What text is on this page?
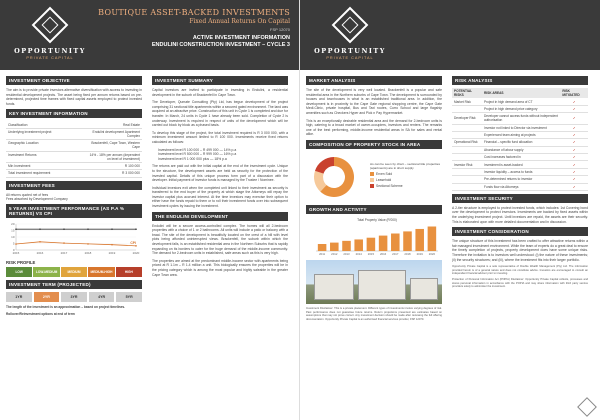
OPPORTUNITY
PRIVATE CAPITAL
BOUTIQUE ASSET-BACKED INVESTMENTS
Fixed Annual Returns On Capital
FSP 12070
ACTIVE INVESTMENT INFORMATION
ENDULINI CONSTRUCTION INVESTMENT – CYCLE 3
INVESTMENT OBJECTIVE
The aim is to provide private investors alternative diversification with access to investing in residential development projects. The asset being fixed per annum returns based on pre-determined, projected time frames with fixed capital assets employed to protect invested funds.
KEY INVESTMENT INFORMATION
Classification	Real Estate
Underlying investment project	Endulini development Apartment Complex
Geographic Location	Brackenfell, Cape Town, Western Cape
Investment Returns	14% - 18% per annum (dependent on level of investment)
Min Investment	R 100 000
Total investment requirement	R 3 000 000
INVESTMENT FEES
All returns quoted net of fees
Fees absorbed by Development Company
5 YEAR INVESTMENT PERFORMANCE (AS P.A % RETURNS) VS CPI
0
5
10
15
20
2015	2016	2017	2018	2019	2020
CPI
RISK PROFILE
LOW	LOW-MEDIUM	MEDIUM	MEDIUM-HIGH	HIGH
INVESTMENT TERM (PROJECTED)
1YR	2YR	3YR	4YR	5YR
The length of the investment is an approximation – based on project timelines.
Rollover/Reinvestment options at end of term
INVESTMENT SUMMARY
Capital investors are invited to participate in investing in Endulini, a residential development in the suburb of Brackenfell in Cape Town.
The Developer, Qumate Consulting (Pty) Ltd, has begun development of the project comprising 31 sectional title apartments within a secured gated environment. The land was acquired at an attractive price. Construction of this unit in Cycle 1 is completed and due for transfer. In March, 24 units in Cycle 1 have already been sold. Completion of Cycle 2 is underway. Investment is required in respect of units of the development which will be carried out block by block as a phased basis.
To develop this stage of the project, the total investment required is R 3 000 000, with a minimum investment amount limited to R 100 000. Investments receive fixed returns calculated as follows:
Investment level R 100 000 – R 499 000 — 14% p.a
Investment level R 500 000 – R 999 000 — 16% p.a
Investment level R 1 000 000 plus — 18% p.a
The returns are paid out with the initial capital at the end of the investment cycle. Unique to the structure, the development assets are held as security for the protection of the invested capital. Details of this unique process form part of a discussion with the developer. Initial payment of investor funds is managed by the Trustee / Nominee.
Individual investors exit when the completed unit linked to their investment as security is transferred to the end buyer of the property at which stage the Attorneys will repay the investor capital plus accrued interest. At the time investors may exercise their option to either have the funds repaid to them or to roll their investment funds over into subsequent investment cycles by issuing the investment.
THE ENDULINI DEVELOPMENT
Endulini will be a secure access-controlled complex. The homes will all 2-bedroom properties with a choice of 1 or 2 bathrooms. All units will include a patio or balcony with a braai. The site of the development is beautifully located on the crest of a hill with level plots being afforded uninterrupted views. Brackenfell, the suburb within which the development falls, is an established residential area in the Northern Suburbs that is rapidly expanding on its borders to cater for the huge demand of the middle-income community. The demand for 2-bedroom units in established, safe areas such as this is very high.
The properties are aimed at the predominant middle-income sector with apartments being priced at R 1.1m – R 1.4 million a unit. This biologically ensures the properties will be in the pricing category which is among the most popular and highly saleable in the greater Cape Town area.
OPPORTUNITY
PRIVATE CAPITAL
MARKET ANALYSIS
The site of the development is very well located. Brackenfell is a popular and safe residential area in the Northern suburbs of Cape Town. The development is surrounded by houses and townhouses in what is an established traditional area. In addition, the development is in proximity to the Cape Gate regional shopping centre, the Cape Gate Medi-Clinic, private hospital, Bus and Taxi routes, Curro School and large flagship amenities such as Checkers Hyper and Pick n Pay Hypermarket.
This is an exceptionally desirable residential area and the demand for 2-bedroom units is high, catering to a broad market of owner-occupiers, investors and renters. The remarks one of the best performing, middle-income residential areas in SA for sales and rental alike.
COMPOSITION OF PROPERTY STOCK IN AREA
As can be seen by chart – sectional title properties (apartments) are in short supply
Erven Sold
Leasehold
Sectional Scheme
GROWTH AND ACTIVITY
Total Property Value (R'000)
2011 2012 2013 2014 2015 2016 2017 2018 2019 2020
Investment Disclaimer: This is a private placement. Different types of investments involve varying degrees of risk. Past performance does not guarantee future returns. Return projections presented are estimates based on assumptions that may not prove correct. Any investment decision should be made after reviewing the full offering documentation. Opportunity Private Capital is an authorised financial services provider, FSP 12070.
RISK ANALYSIS
POTENTIAL RISKS	RISK AREAS	RISK MITIGATED
Market Risk	Project in high demand area of CT	✓
	Project in high demand price category	✓
Developer Risk	Developer cannot access funds without independent authorisation	✓
	Investor not linked to Director via investment	✓
	Experienced team aiming at projects	✓
Operational Risk	Financial – specific fund allocation	✓
	Abundance of labour supply	✓
	Cost increases factored in	✓
Investor Risk	Investment is asset-backed	✓
	Investor liquidity – access to funds	✓
	Pre-determined returns to investor	✓
	Funds flow via Attorneys	✓
INVESTMENT SECURITY
A 2-tier structure is employed to protect invested funds, which includes: 1st Covering bond over the development to protect investors. Investments are backed by fixed assets within the underlying investment project. Until investors are repaid, the assets are their security. This is elaborated upon with more detailed documentation and in discussion.
INVESTMENT CONSIDERATION
The unique structure of this investment has been crafted to offer attractive returns within a fair managed investment environment. While the team of experts do a great deal to ensure the timely completion of projects, property development does have some unique risks. Therefore the invitation is to investors well understood: (i) the nature of these investments; (ii) the security structures; and (iii), where the investment fits into their larger portfolio.
Opportunity Private Capital is a sole representative of Double Wealth Management (Pty) Ltd. The information provided herein is of a general nature and does not constitute advice. Investors are encouraged to consult an independent financial advisor prior to investing.
Protection of Personal Information Act (POPIA) Disclaimer: Opportunity Private Capital collects, processes and stores personal information in accordance with the POPIA and may share information with third party service providers solely to administer the investment.
